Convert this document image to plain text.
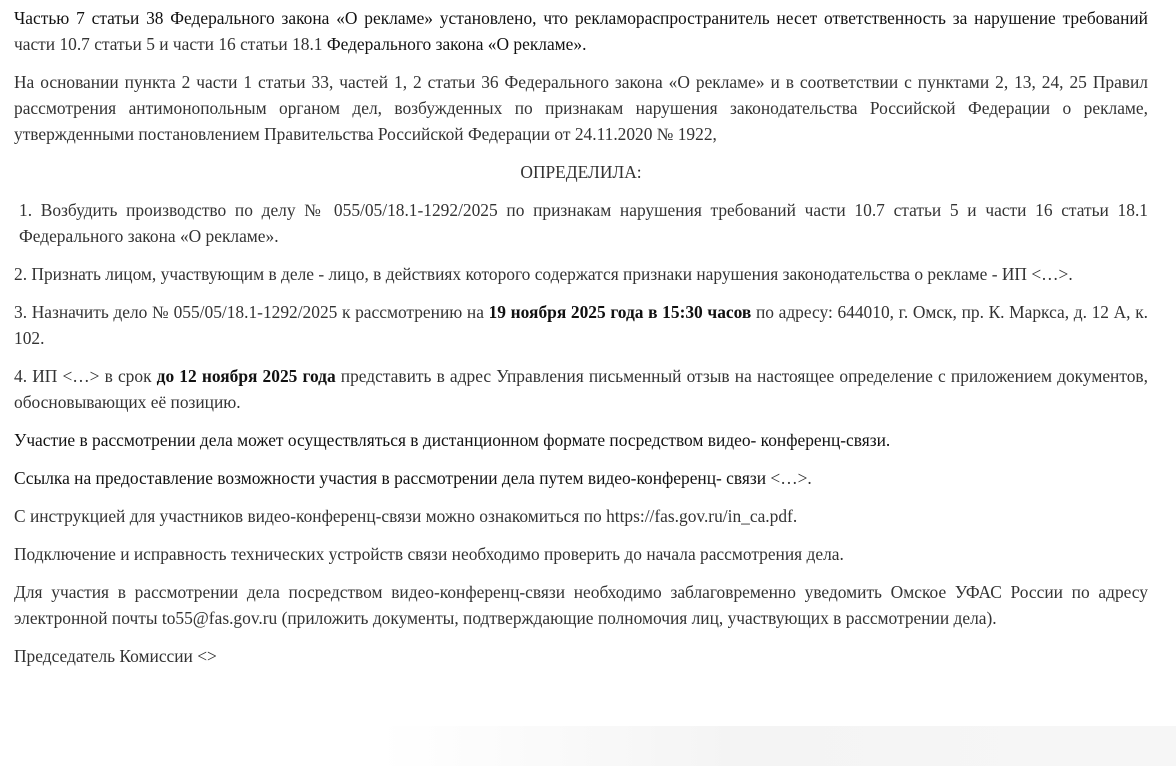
Частью 7 статьи 38 Федерального закона «О рекламе» установлено, что рекламораспространитель несет ответственность за нарушение требований части 10.7 статьи 5 и части 16 статьи 18.1 Федерального закона «О рекламе».

На основании пункта 2 части 1 статьи 33, частей 1, 2 статьи 36 Федерального закона «О рекламе» и в соответствии с пунктами 2, 13, 24, 25 Правил рассмотрения антимонопольным органом дел, возбужденных по признакам нарушения законодательства Российской Федерации о рекламе, утвержденными постановлением Правительства Российской Федерации от 24.11.2020 № 1922,

ОПРЕДЕЛИЛА:

1. Возбудить производство по делу № 055/05/18.1-1292/2025 по признакам нарушения требований части 10.7 статьи 5 и части 16 статьи 18.1 Федерального закона «О рекламе».

2. Признать лицом, участвующим в деле - лицо, в действиях которого содержатся признаки нарушения законодательства о рекламе - ИП <…>.

3. Назначить дело № 055/05/18.1-1292/2025 к рассмотрению на 19 ноября 2025 года в 15:30 часов по адресу: 644010, г. Омск, пр. К. Маркса, д. 12 А, к. 102.

4. ИП <…> в срок до 12 ноября 2025 года представить в адрес Управления письменный отзыв на настоящее определение с приложением документов, обосновывающих её позицию.

Участие в рассмотрении дела может осуществляться в дистанционном формате посредством видео- конференц-связи.

Ссылка на предоставление возможности участия в рассмотрении дела путем видео-конференц- связи <…>.

С инструкцией для участников видео-конференц-связи можно ознакомиться по https://fas.gov.ru/in_ca.pdf.

Подключение и исправность технических устройств связи необходимо проверить до начала рассмотрения дела.

Для участия в рассмотрении дела посредством видео-конференц-связи необходимо заблаговременно уведомить Омское УФАС России по адресу электронной почты to55@fas.gov.ru (приложить документы, подтверждающие полномочия лиц, участвующих в рассмотрении дела).

Председатель Комиссии <>
